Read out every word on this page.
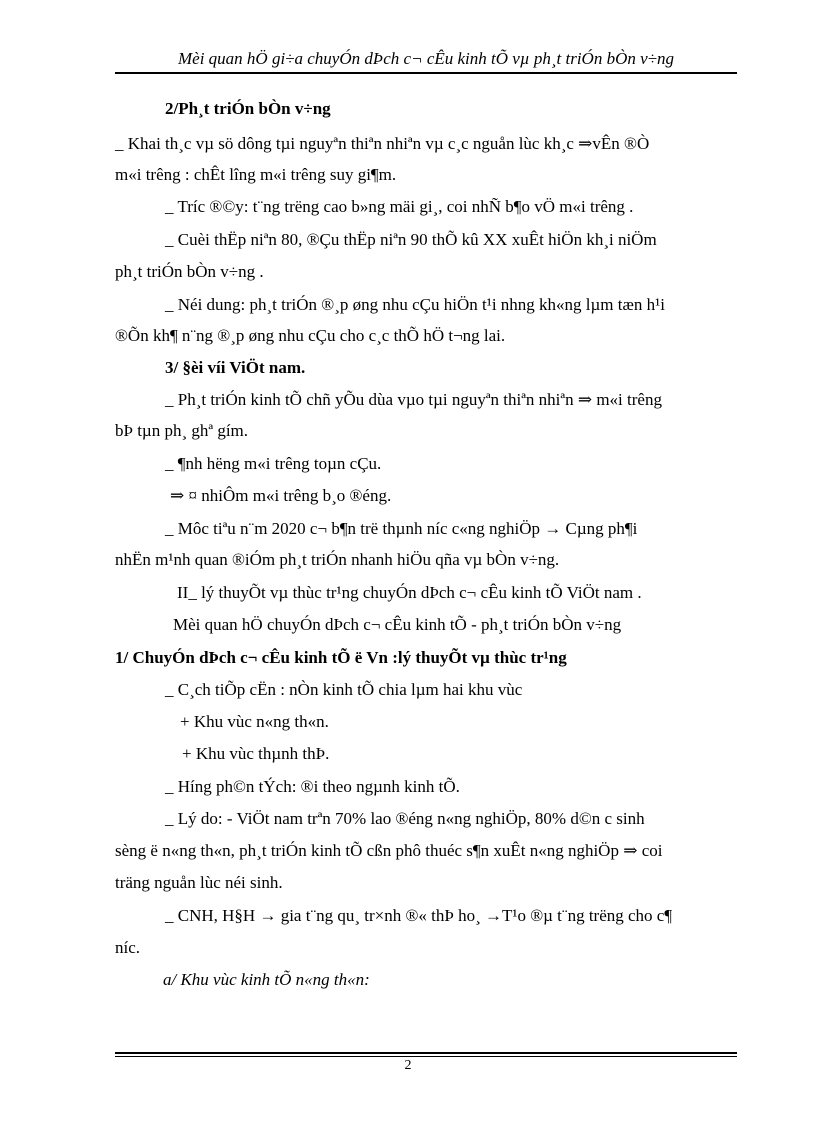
Mèi quan hÖ gi÷a chuyÓn dÞch c¬ cÊu kinh tÕ vµ ph¸t triÓn bÒn v÷ng
2/Ph¸t triÓn bÒn v÷ng
_ Khai th¸c vµ sö dông tµi nguyªn thiªn nhiªn vµ c¸c nguån lùc kh¸c ⇒vÊn ®Ò
m«i trêng : chÊt lîng m«i trêng suy gi¶m.
_ Tríc ®©y: t¨ng trëng cao b»ng mäi gi¸, coi nhÑ b¶o vÖ m«i trêng .
_ Cuèi thËp niªn 80, ®Çu thËp niªn 90 thÕ kû XX xuÊt hiÖn kh¸i niÖm
ph¸t triÓn bÒn v÷ng .
_ Néi dung: ph¸t triÓn ®¸p øng nhu cÇu hiÖn t¹i nhng kh«ng lµm tæn h¹i
®Õn kh¶ n¨ng ®¸p øng nhu cÇu cho c¸c thÕ hÖ t¬ng lai.
3/ §èi víi ViÖt nam.
_ Ph¸t triÓn kinh tÕ chñ yÕu dùa vµo tµi nguyªn thiªn nhiªn ⇒ m«i trêng
bÞ tµn ph¸ ghª gím.
_ ¶nh hëng m«i trêng toµn cÇu.
⇒ ¤ nhiÔm m«i trêng b¸o ®éng.
_ Môc tiªu n¨m 2020 c¬ b¶n trë thµnh níc c«ng nghiÖp → Cµng ph¶i
nhËn m¹nh quan ®iÓm ph¸t triÓn nhanh hiÖu qña vµ bÒn v÷ng.
II_ lý thuyÕt vµ thùc tr¹ng chuyÓn dÞch c¬ cÊu kinh tÕ ViÖt nam .
Mèi quan hÖ chuyÓn dÞch c¬ cÊu kinh tÕ - ph¸t triÓn bÒn v÷ng
1/ ChuyÓn dÞch c¬ cÊu kinh tÕ ë Vn :lý thuyÕt vµ thùc tr¹ng
_ C¸ch tiÕp cËn : nÒn kinh tÕ chia lµm hai khu vùc
+ Khu vùc n«ng th«n.
+ Khu vùc thµnh thÞ.
_ Híng ph©n tÝch: ®i theo ngµnh kinh tÕ.
_ Lý do: - ViÖt nam trªn 70% lao ®éng n«ng nghiÖp, 80% d©n c sinh
sèng ë n«ng th«n, ph¸t triÓn kinh tÕ cßn phô thuéc s¶n xuÊt n«ng nghiÖp ⇒ coi
träng nguån lùc néi sinh.
_ CNH, H§H → gia t¨ng qu¸ tr×nh ®« thÞ ho¸ →T¹o ®µ t¨ng trëng cho c¶
níc.
a/ Khu vùc kinh tÕ n«ng th«n:
2
